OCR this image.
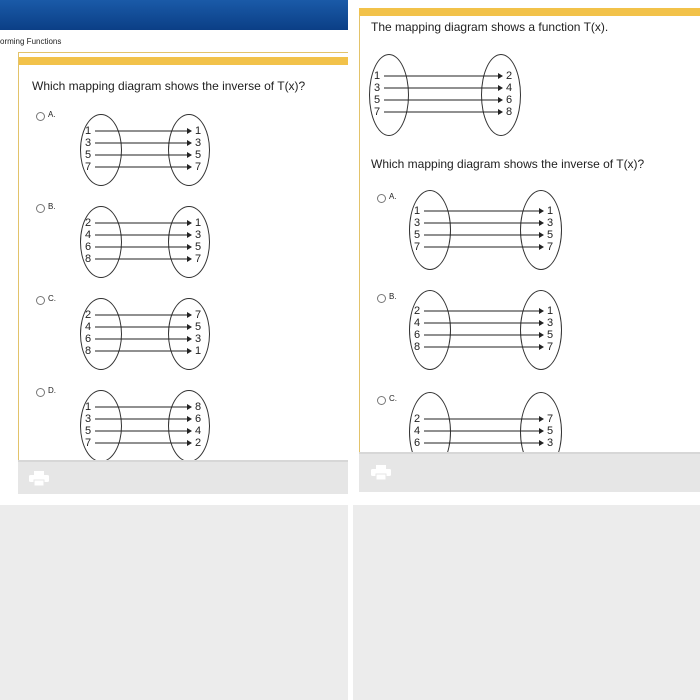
orming Functions
Which mapping diagram shows the inverse of T(x)?
A.
1	1
3	3
5	5
7	7
B.
2	1
4	3
6	5
8	7
C.
2	7
4	5
6	3
8	1
D.
1	8
3	6
5	4
7	2
The mapping diagram shows a function T(x).
1	2
3	4
5	6
7	8
Which mapping diagram shows the inverse of T(x)?
A.
1	1
3	3
5	5
7	7
B.
2	1
4	3
6	5
8	7
C.
2	7
4	5
6	3
